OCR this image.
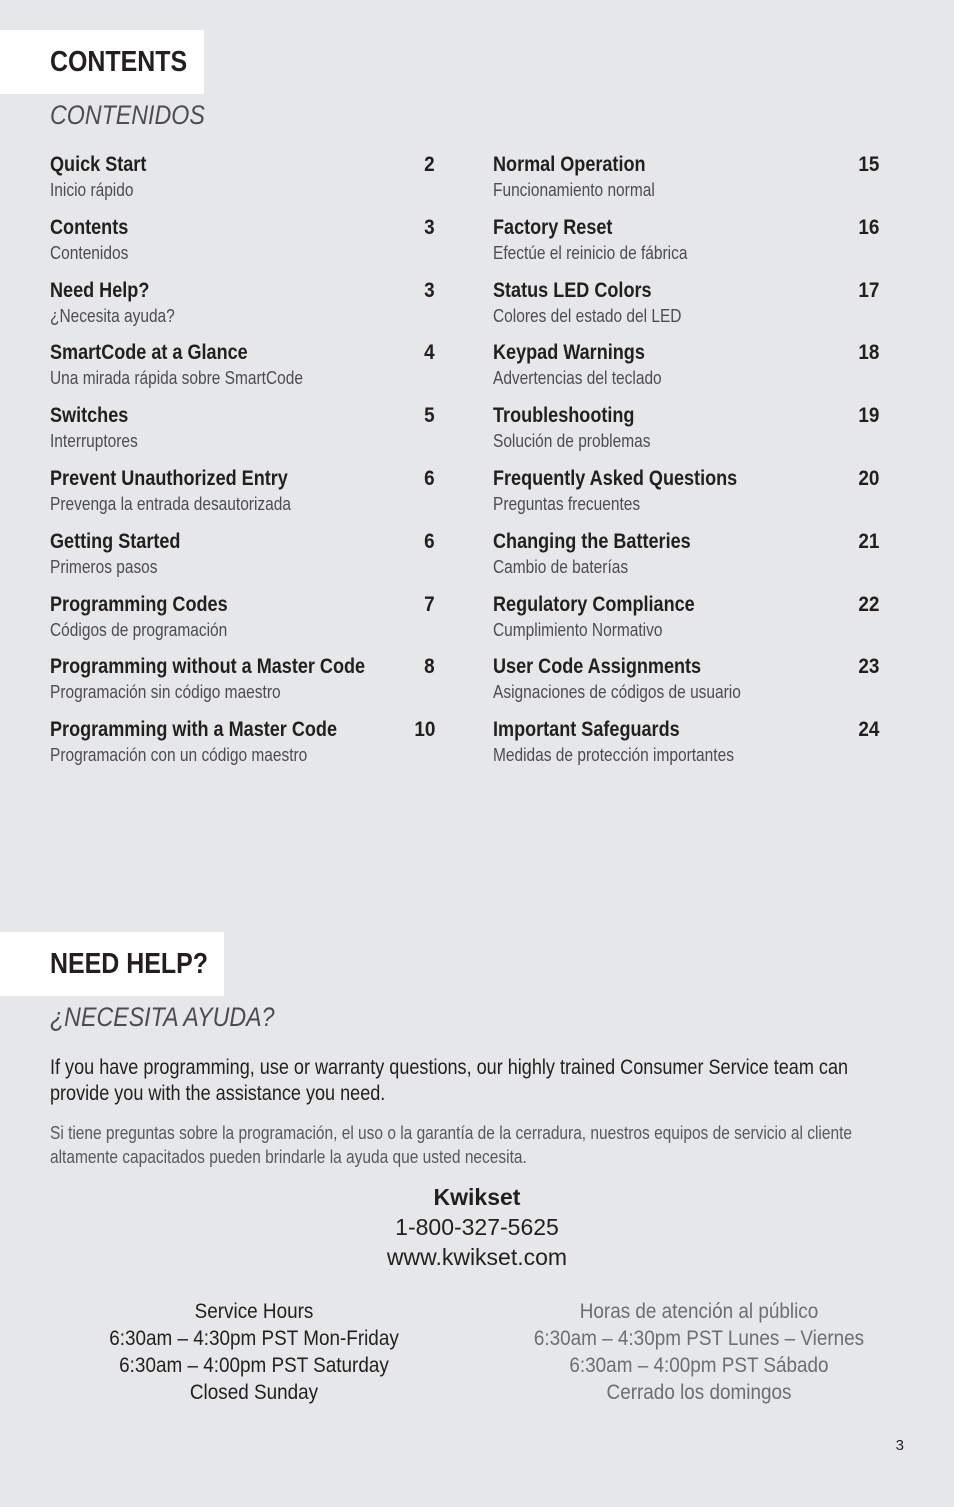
CONTENTS
CONTENIDOS
Quick Start
Inicio rápido
2
Contents
Contenidos
3
Need Help?
¿Necesita ayuda?
3
SmartCode at a Glance
Una mirada rápida sobre SmartCode
4
Switches
Interruptores
5
Prevent Unauthorized Entry
Prevenga la entrada desautorizada
6
Getting Started
Primeros pasos
6
Programming Codes
Códigos de programación
7
Programming without a Master Code
Programación sin código maestro
8
Programming with a Master Code
Programación con un código maestro
10
Normal Operation
Funcionamiento normal
15
Factory Reset
Efectúe el reinicio de fábrica
16
Status LED Colors
Colores del estado del LED
17
Keypad Warnings
Advertencias del teclado
18
Troubleshooting
Solución de problemas
19
Frequently Asked Questions
Preguntas frecuentes
20
Changing the Batteries
Cambio de baterías
21
Regulatory Compliance
Cumplimiento Normativo
22
User Code Assignments
Asignaciones de códigos de usuario
23
Important Safeguards
Medidas de protección importantes
24
NEED HELP?
¿NECESITA AYUDA?

If you have programming, use or warranty questions, our highly trained Consumer Service team can provide you with the assistance you need.

Si tiene preguntas sobre la programación, el uso o la garantía de la cerradura, nuestros equipos de servicio al cliente altamente capacitados pueden brindarle la ayuda que usted necesita.

Kwikset
1-800-327-5625
www.kwikset.com
Service Hours
6:30am – 4:30pm PST Mon-Friday
6:30am – 4:00pm PST Saturday
Closed Sunday
Horas de atención al público
6:30am – 4:30pm PST Lunes – Viernes
6:30am – 4:00pm PST Sábado
Cerrado los domingos
3
